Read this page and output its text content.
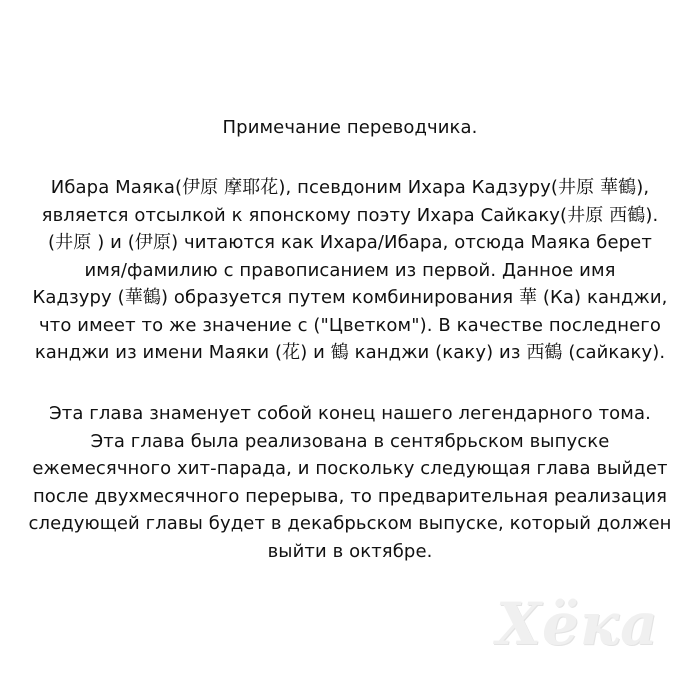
Примечание переводчика.
Ибара Маяка(伊原 摩耶花), псевдоним Ихара Кадзуру(井原 華鶴),
является отсылкой к японскому поэту Ихара Сайкаку(井原 西鶴).
(井原 ) и (伊原) читаются как Ихара/Ибара, отсюда Маяка берет
имя/фамилию с правописанием из первой. Данное имя
Кадзуру (華鶴) образуется путем комбинирования 華 (Ка) канджи,
что имеет то же значение с ("Цветком"). В качестве последнего
канджи из имени Маяки (花) и 鶴 канджи (каку) из 西鶴 (сайкаку).
Эта глава знаменует собой конец нашего легендарного тома.
Эта глава была реализована в сентябрьском выпуске
ежемесячного хит-парада, и поскольку следующая глава выйдет
после двухмесячного перерыва, то предварительная реализация
следующей главы будет в декабрьском выпуске, который должен
выйти в октябре.
Хёка
